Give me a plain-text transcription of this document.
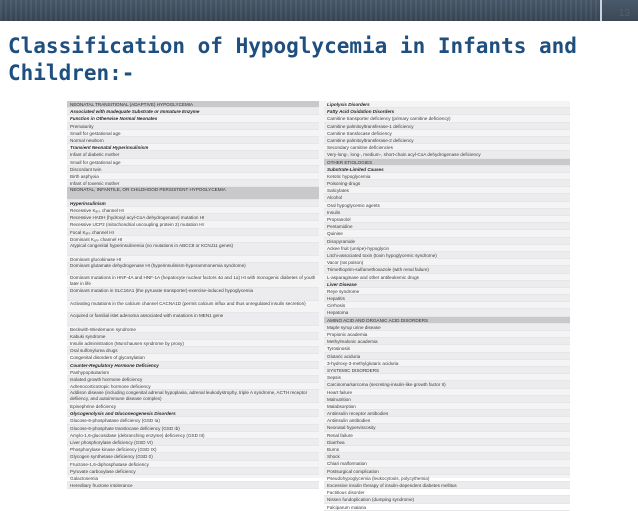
13
Classification of Hypoglycemia in Infants and Children:-
NEONATAL TRANSITIONAL (ADAPTIVE) HYPOGLYCEMIA
Associated with Inadequate Substrate or Immature Enzyme
Function in Otherwise Normal Neonates
Prematurity
Small for gestational age
Normal newborn
Transient Neonatal Hyperinsulinism
Infant of diabetic mother
Small for gestational age
Discordant twin
Birth asphyxia
Infant of toxemic mother
NEONATAL, INFANTILE, OR CHILDHOOD PERSISTENT HYPOGLYCEMIA
Hyperinsulinism
Recessive Kₐₜₚ channel HI
Recessive HADH (hydroxyl acyl-CoA dehydrogenase) mutation HI
Recessive UCP2 (mitochondrial uncoupling protein 2) mutation HI
Focal Kₐₜₚ channel HI
Dominant Kₐₜₚ channel HI
Atypical congenital hyperinsulinemia (no mutations in ABCC8 or KCNJ11 genes)
Dominant glucokinase HI
Dominant glutamate dehydrogenase HI (hyperinsulinism-hyperammonemia syndrome)
Dominant mutations in HNF-4A and HNF-1A (hepatocyte nuclear factors 4α and 1α) HI with monogenic diabetes of youth later in life
Dominant mutation in SLC16A1 (the pyruvate transporter)-exercise-induced hypoglycemia
Activating mutations in the calcium channel CACNA1D (permit calcium influx and thus unregulated insulin secretion)
Acquired or familial islet adenoma associated with mutations in MEN1 gene
Beckwith-Wiedemann syndrome
Kabuki syndrome
Insulin administration (Munchausen syndrome by proxy)
Oral sulfonylurea drugs
Congenital disorders of glycosylation
Counter-Regulatory Hormone Deficiency
Panhypopituitarism
Isolated growth hormone deficiency
Adrenocorticotropic hormone deficiency
Addison disease (including congenital adrenal hypoplasia, adrenal leukodystrophy, triple A syndrome, ACTH receptor defiiency, and autoimmune disease complex)
Epinephrine deficiency
Glycogenolysis and Gluconeogenesis Disorders
Glucose-6-phosphatase deficiency (GSD Ia)
Glucose-6-phosphate translocase deficiency (GSD Ib)
Amylo-1,6-glucosidase (debranching enzyme) deficiency (GSD III)
Liver phosphorylase deficiency (GSD VI)
Phosphorylase kinase deficiency (GSD IX)
Glycogen synthetase deficiency (GSD 0)
Fructose-1,6-diphosphatase deficiency
Pyruvate carboxylase deficiency
Galactosemia
Hereditary fructose intolerance
Lipolysis Disorders
Fatty Acid Oxidation Disorders
Carnitine transporter deficiency (primary carnitine deficiency)
Carnitine palmitoyltransferase-1 deficiency
Carnitine translocase deficiency
Carnitine palmitoyltransferase-2 deficiency
Secondary carnitine deficiencies
Very-long-, long-, medium-, short-chain acyl-CoA dehydrogenase deficiency
OTHER ETIOLOGIES
Substrate-Limited Causes
Ketotic hypoglycemia
Poisoning-drugs
Salicylates
Alcohol
Oral hypoglycemic agents
Insulin
Propranolol
Pentamidine
Quinine
Disopyramide
Ackee fruit (unripe)-hypoglycin
Litchi-associated toxin (toxin hypoglycemic syndrome)
Vacor (rat poison)
Trimethoprim-sulfamethoxazole (with renal failure)
L-asparaginase and other antileukemic drugs
Liver Disease
Reye syndrome
Hepatitis
Cirrhosis
Hepatoma
AMINO ACID AND ORGANIC ACID DISORDERS
Maple syrup urine disease
Propionic academia
Methylmalonic academia
Tyrosinosis
Glutaric aciduria
3-hydroxy-3-methylglutaric aciduria
SYSTEMIC DISORDERS
Sepsis
Carcinoma/sarcoma (secreting-insulin-like growth factor II)
Heart failure
Malnutrition
Malabsorption
Antiinsulin receptor antibodies
Antiinsulin antibodies
Neonatal hyperviscosity
Renal failure
Diarrhea
Burns
Shock
Chiari malformation
Postsurgical complication
Pseudohypoglycemia (leukocytosis, polycythemia)
Excessive insulin therapy of insulin-dependent diabetes mellitus
Factitious disorder
Nissen fundoplication (dumping syndrome)
Falciparum malaria
